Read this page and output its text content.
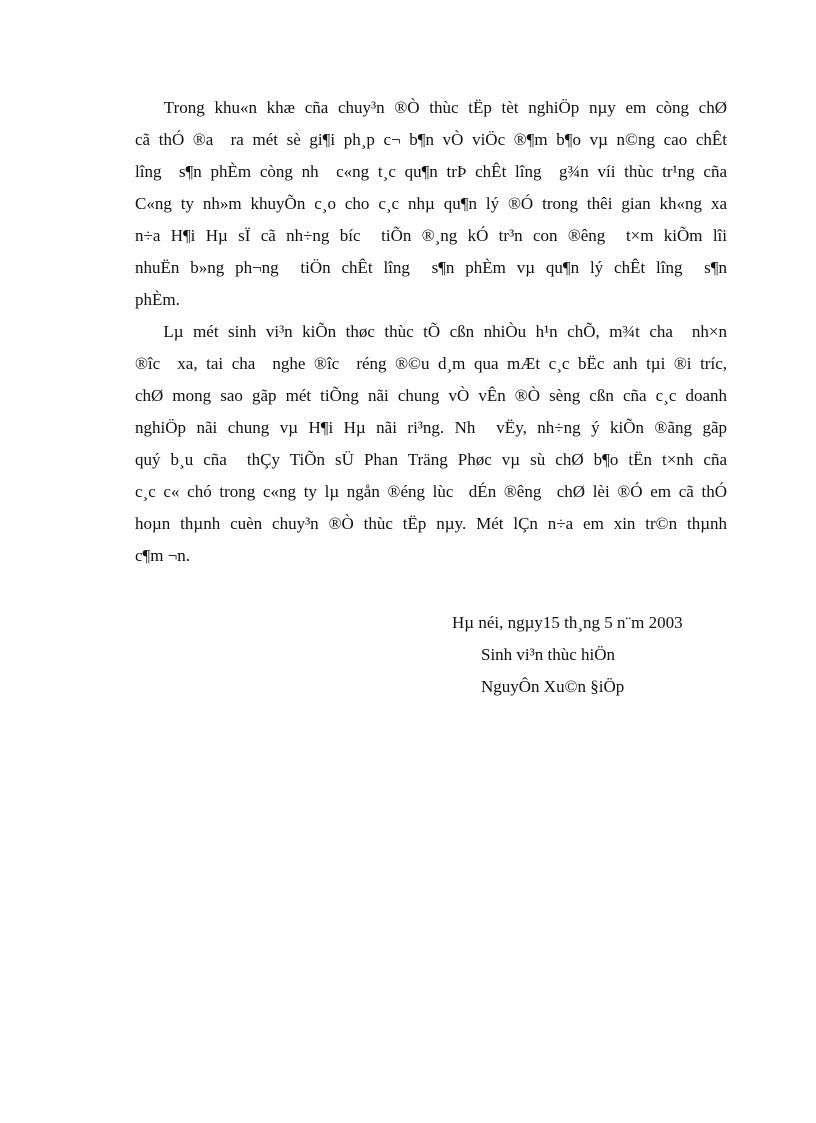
Trong khu«n khæ cña chuy³n ®Ò thùc tËp tèt nghiÖp nµy em còng chØ
cã thÓ ®a  ra mét sè gi¶i ph¸p c¬ b¶n vÒ viÖc ®¶m b¶o vµ n©ng cao chÊt
lîng  s¶n phÈm còng nh  c«ng t¸c qu¶n trÞ chÊt lîng  g¾n víi thùc tr¹ng cña
C«ng ty nh»m khuyÕn c¸o cho c¸c nhµ qu¶n lý ®Ó trong thêi gian kh«ng xa
n÷a H¶i Hµ sÏ cã nh÷ng bíc  tiÕn ®¸ng kÓ tr³n con ®êng  t×m kiÕm lîi
nhuËn b»ng ph¬ng  tiÖn chÊt lîng  s¶n phÈm vµ qu¶n lý chÊt lîng  s¶n
phÈm.
Lµ mét sinh vi³n kiÕn thøc thùc tÕ cßn nhiÒu h¹n chÕ, m¾t cha  nh×n
®îc  xa, tai cha  nghe ®îc  réng ®©u d¸m qua mÆt c¸c bËc anh tµi ®i tríc,
chØ mong sao gãp mét tiÕng nãi chung vÒ vÊn ®Ò sèng cßn cña c¸c doanh
nghiÖp nãi chung vµ H¶i Hµ nãi ri³ng. Nh  vËy, nh÷ng ý kiÕn ®ãng gãp
quý b¸u cña  thÇy TiÕn sÜ Phan Träng Phøc vµ sù chØ b¶o tËn t×nh cña
c¸c c« chó trong c«ng ty lµ ngån ®éng lùc  dÉn ®êng  chØ lèi ®Ó em cã thÓ
hoµn thµnh cuèn chuy³n ®Ò thùc tËp nµy. Mét lÇn n÷a em xin tr©n thµnh
c¶m ¬n.
Hµ néi, ngµy15 th¸ng 5 n¨m 2003
Sinh vi³n thùc hiÖn
NguyÔn Xu©n §iÖp
